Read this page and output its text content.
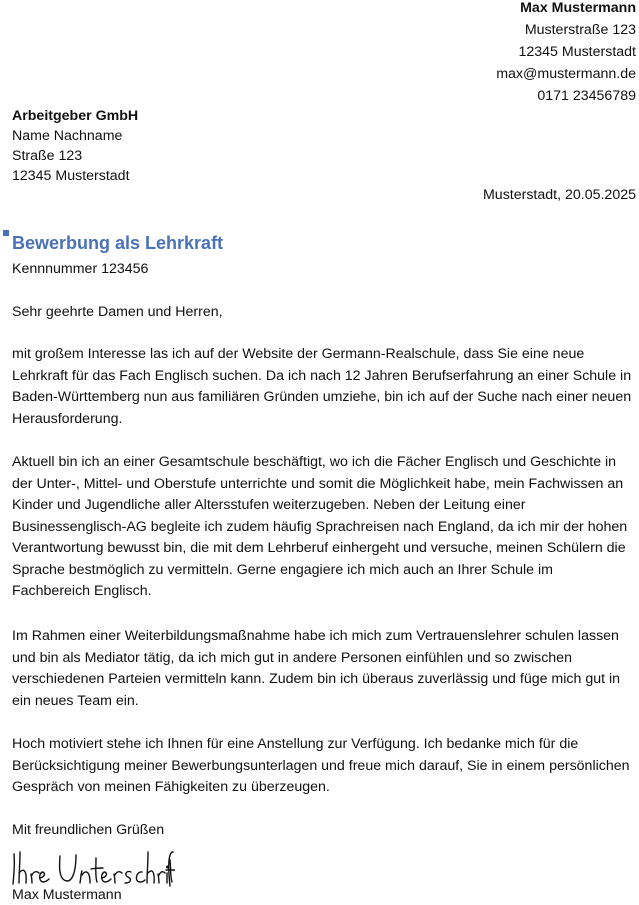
Max Mustermann
Musterstraße 123
12345 Musterstadt
max@mustermann.de
0171 23456789
Arbeitgeber GmbH
Name Nachname
Straße 123
12345 Musterstadt
Musterstadt, 20.05.2025
Bewerbung als Lehrkraft
Kennnummer 123456
Sehr geehrte Damen und Herren,
mit großem Interesse las ich auf der Website der Germann-Realschule, dass Sie eine neue Lehrkraft für das Fach Englisch suchen. Da ich nach 12 Jahren Berufserfahrung an einer Schule in Baden-Württemberg nun aus familiären Gründen umziehe, bin ich auf der Suche nach einer neuen Herausforderung.
Aktuell bin ich an einer Gesamtschule beschäftigt, wo ich die Fächer Englisch und Geschichte in der Unter-, Mittel- und Oberstufe unterrichte und somit die Möglichkeit habe, mein Fachwissen an Kinder und Jugendliche aller Altersstufen weiterzugeben. Neben der Leitung einer Businessenglisch-AG begleite ich zudem häufig Sprachreisen nach England, da ich mir der hohen Verantwortung bewusst bin, die mit dem Lehrberuf einhergeht und versuche, meinen Schülern die Sprache bestmöglich zu vermitteln. Gerne engagiere ich mich auch an Ihrer Schule im Fachbereich Englisch.
Im Rahmen einer Weiterbildungsmaßnahme habe ich mich zum Vertrauenslehrer schulen lassen und bin als Mediator tätig, da ich mich gut in andere Personen einfühlen und so zwischen verschiedenen Parteien vermitteln kann. Zudem bin ich überaus zuverlässig und füge mich gut in ein neues Team ein.
Hoch motiviert stehe ich Ihnen für eine Anstellung zur Verfügung. Ich bedanke mich für die Berücksichtigung meiner Bewerbungsunterlagen und freue mich darauf, Sie in einem persönlichen Gespräch von meinen Fähigkeiten zu überzeugen.
Mit freundlichen Grüßen
Max Mustermann
